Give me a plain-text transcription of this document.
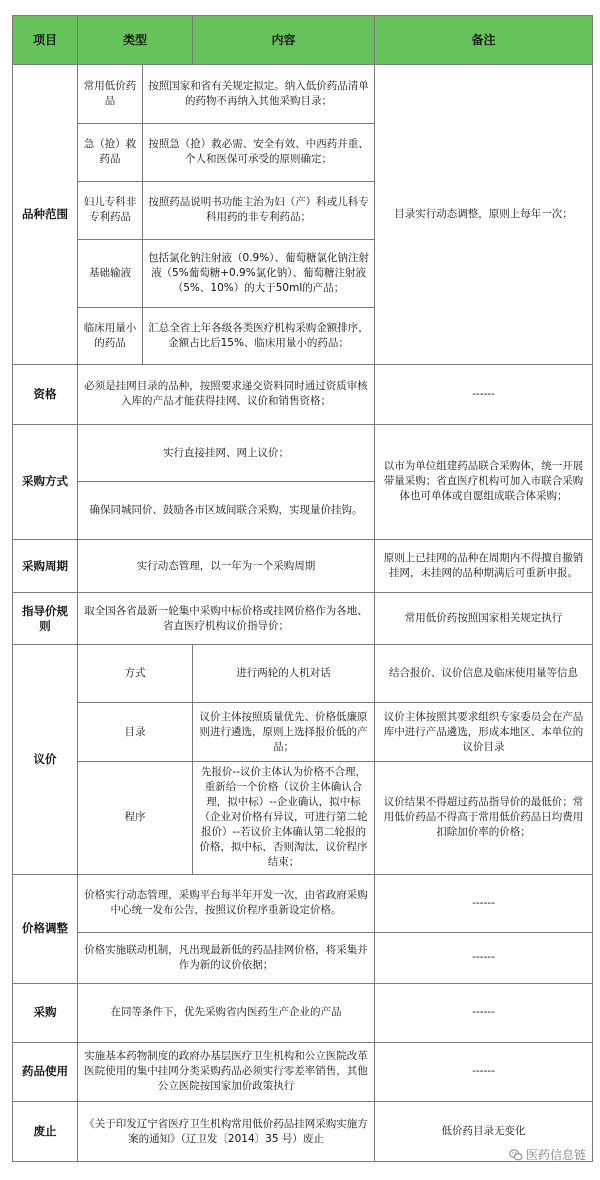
项目	类型		内容	备注
品种范围	常用低价药品	按照国家和省有关规定拟定。纳入低价药品清单的药物不再纳入其他采购目录；		目录实行动态调整，原则上每年一次；
	急（抢）救药品	按照急（抢）救必需、安全有效、中西药并重、个人和医保可承受的原则确定；		
	妇儿专科非专利药品	按照药品说明书功能主治为妇（产）科或儿科专科用药的非专利药品；		
	基础输液	包括氯化钠注射液（0.9%）、葡萄糖氯化钠注射液（5%葡萄糖+0.9%氯化钠）、葡萄糖注射液（5%、10%）的大于50ml的产品；		
	临床用量小的药品	汇总全省上年各级各类医疗机构采购金额排序，金额占比后15%、临床用量小的药品；		
资格	必须是挂网目录的品种，按照要求递交资料同时通过资质审核入库的产品才能获得挂网、议价和销售资格；			------
采购方式	实行直接挂网、网上议价；			以市为单位组建药品联合采购体，统一开展带量采购；省直医疗机构可加入市联合采购体也可单体或自愿组成联合体采购；
	确保同城同价、鼓励各市区域间联合采购，实现量价挂钩。			
采购周期	实行动态管理，以一年为一个采购周期			原则上已挂网的品种在周期内不得擅自撤销挂网，未挂网的品种期满后可重新申报。
指导价规则	取全国各省最新一轮集中采购中标价格或挂网价格作为各地、省直医疗机构议价指导价；			常用低价药按照国家相关规定执行
议价	方式		进行两轮的人机对话	结合报价、议价信息及临床使用量等信息
	目录		议价主体按照质量优先、价格低廉原则进行遴选，原则上选择报价低的产品；	议价主体按照其要求组织专家委员会在产品库中进行产品遴选，形成本地区、本单位的议价目录
	程序		先报价--议价主体认为价格不合理，重新给一个价格（议价主体确认合理，拟中标）--企业确认，拟中标（企业对价格有异议，可进行第二轮报价）--若议价主体确认第二轮报的价格，拟中标，否则淘汰，议价程序结束；	议价结果不得超过药品指导价的最低价；常用低价药品不得高于常用低价药品日均费用扣除加价率的价格；
价格调整	价格实行动态管理，采购平台每半年开发一次，由省政府采购中心统一发布公告，按照议价程序重新设定价格。			------
	价格实施联动机制，凡出现最新低的药品挂网价格，将采集并作为新的议价依据；			------
采购	在同等条件下，优先采购省内医药生产企业的产品			------
药品使用	实施基本药物制度的政府办基层医疗卫生机构和公立医院改革医院使用的集中挂网分类采购药品必须实行零差率销售，其他公立医院按国家加价政策执行			------
废止	《关于印发辽宁省医疗卫生机构常用低价药品挂网采购实施方案的通知》（辽卫发〔2014〕35 号）废止			低价药目录无变化
医药信息链
